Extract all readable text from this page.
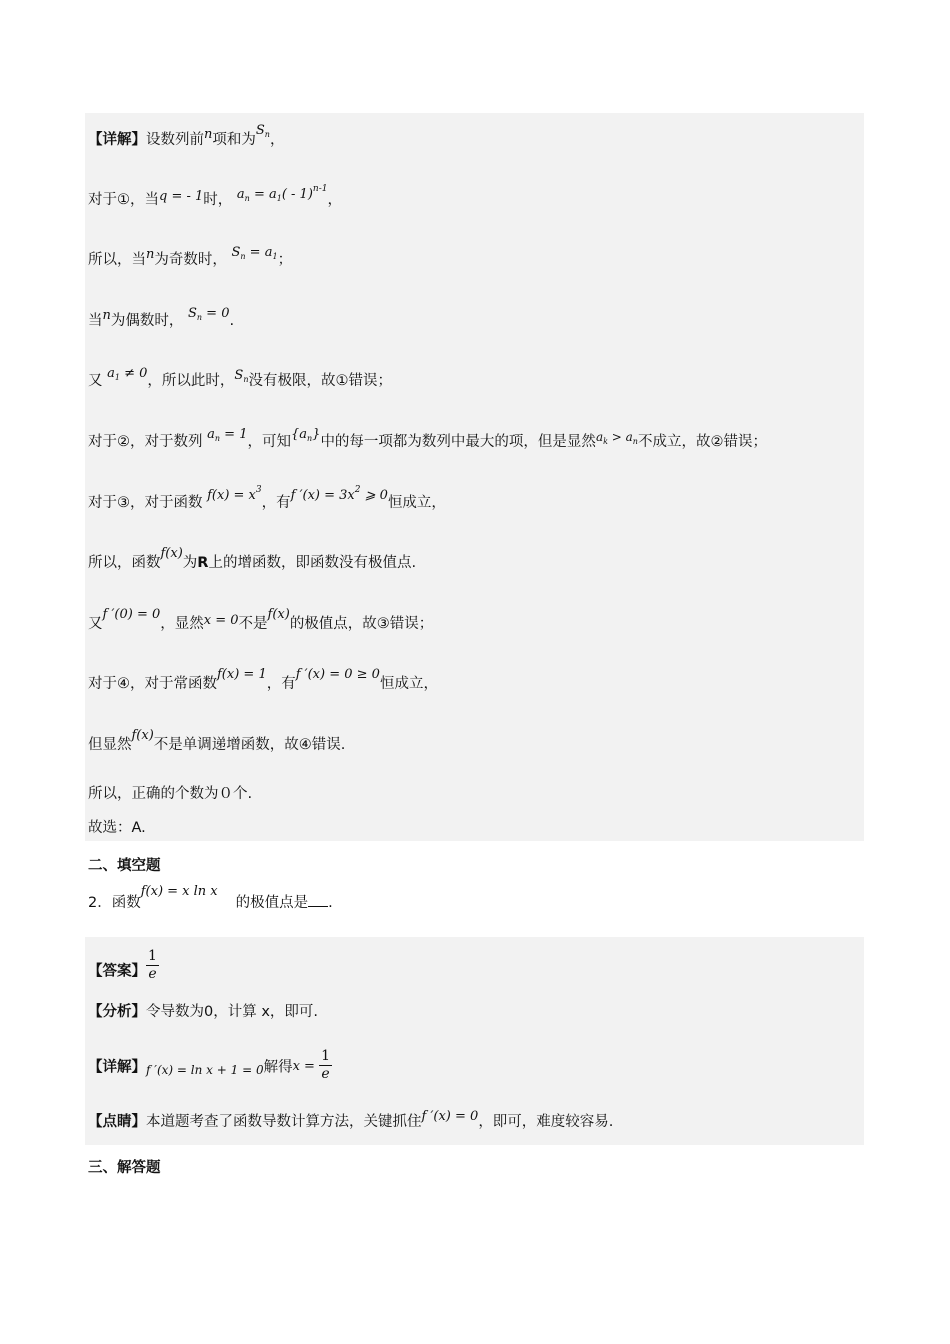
【详解】设数列前n项和为$S_n$，
对于①，当q = - 1时， $a_n = a_1( - 1)^{n-1}$，
所以，当n为奇数时， $S_n = a_1$；
当n为偶数时， $S_n = 0$.
又 $a_1 \ne 0$，所以此时，$S_n$没有极限，故①错误；
对于②，对于数列 $a_n = 1$，可知$\{a_n\}$中的每一项都为数列中最大的项，但是显然$^{a_k > a_n}$不成立，故②错误；
对于③，对于函数 $f(x) = x^3$，有f $'(x) = 3x^2$ ⩾ 0恒成立，
所以，函数f(x)为R上的增函数，即函数没有极值点.
又f ′(0) = 0，显然x = 0不是f(x)的极值点，故③错误；
对于④，对于常函数f(x) = 1，有f ′(x) = 0 ≥ 0恒成立，
但显然f(x)不是单调递增函数，故④错误.
所以，正确的个数为０个.
故选：A.
二、填空题
2．函数f(x) = x ln x的极值点是 .
【答案】 $\frac{1}{e}$
【分析】令导数为0，计算 x，即可.
【详解】f ′(x) = ln x + 1 = 0解得$x = \frac{1}{e}$
【点睛】本道题考查了函数导数计算方法，关键抓住f ′(x) = 0，即可，难度较容易.
三、解答题
